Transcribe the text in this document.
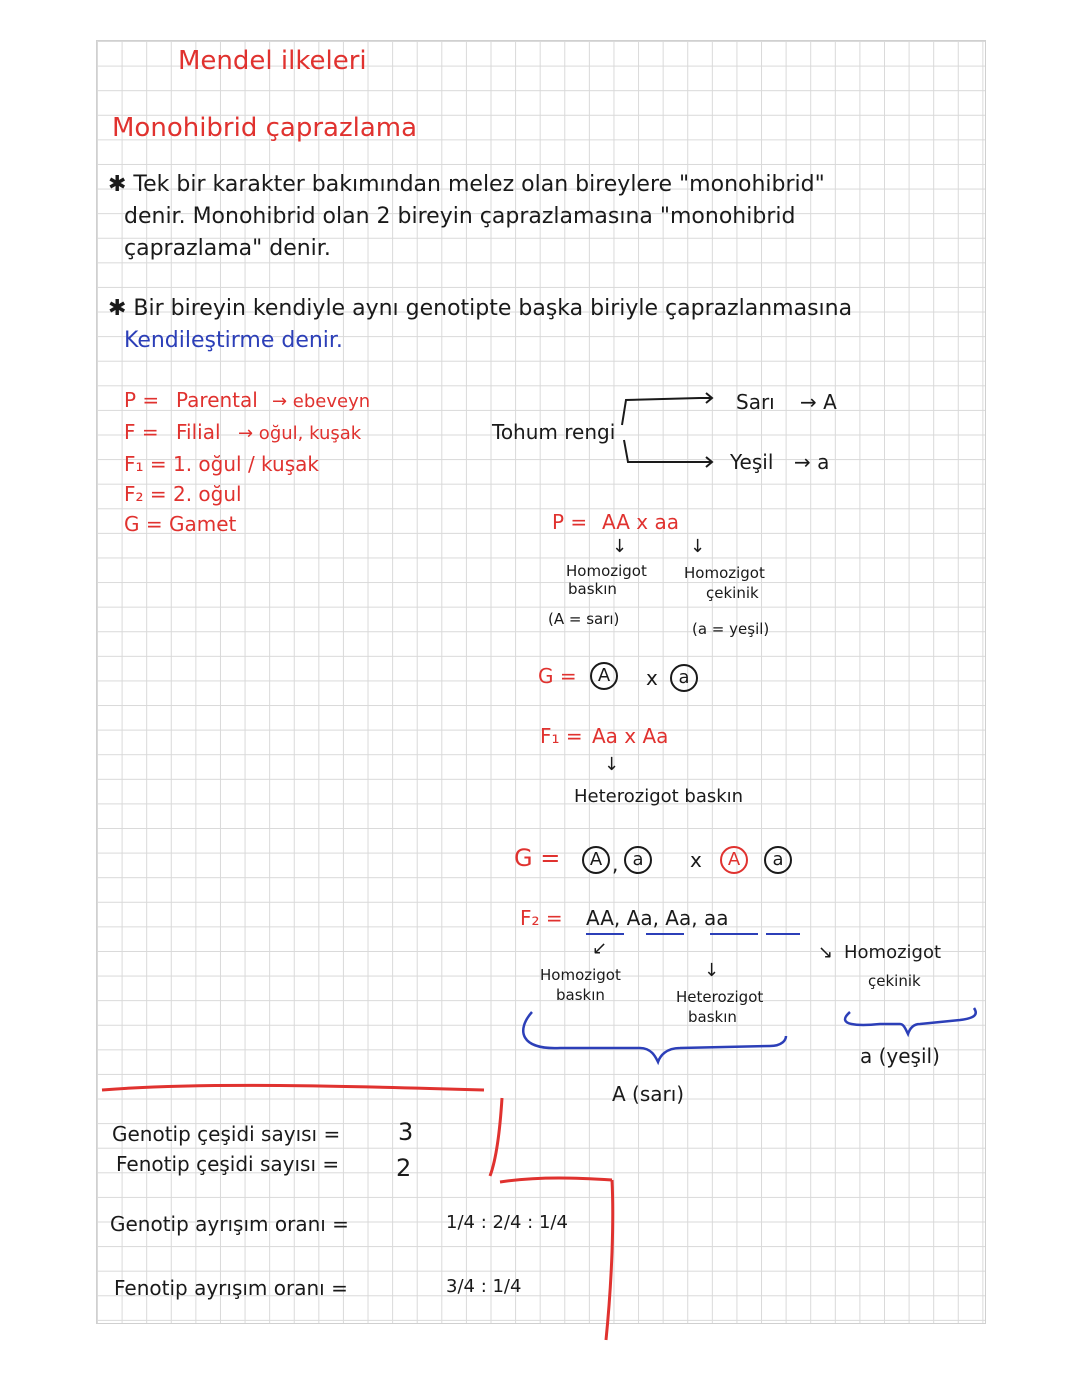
Mendel ilkeleri
Monohibrid çaprazlama
✱ Tek bir karakter bakımından melez olan bireylere "monohibrid"
denir. Monohibrid olan 2 bireyin çaprazlamasına "monohibrid
çaprazlama" denir.
✱ Bir bireyin kendiyle aynı genotipte başka biriyle çaprazlanmasına
Kendileştirme denir.
P = Parental → ebeveyn
F = Filial → oğul, kuşak
F₁ = 1. oğul / kuşak
F₂ = 2. oğul
G = Gamet
Tohum rengi
Sarı → A
Yeşil → a
P = AA x aa
↓	↓
Homozigot
baskın
(A = sarı)
Homozigot
çekinik
(a = yeşil)
G =	A	x	a
F₁ = Aa x Aa
↓
Heterozigot baskın
G =	A , a	x	A	a
F₂ = AA, Aa, Aa, aa
↙
↓
Homozigot
baskın	Heterozigot
baskın
↘ Homozigot
çekinik
A (sarı)
a (yeşil)
Genotip çeşidi sayısı = 3
Fenotip çeşidi sayısı = 2
Genotip ayrışım oranı =	1/4 : 2/4 : 1/4
Fenotip ayrışım oranı =	3/4 : 1/4
